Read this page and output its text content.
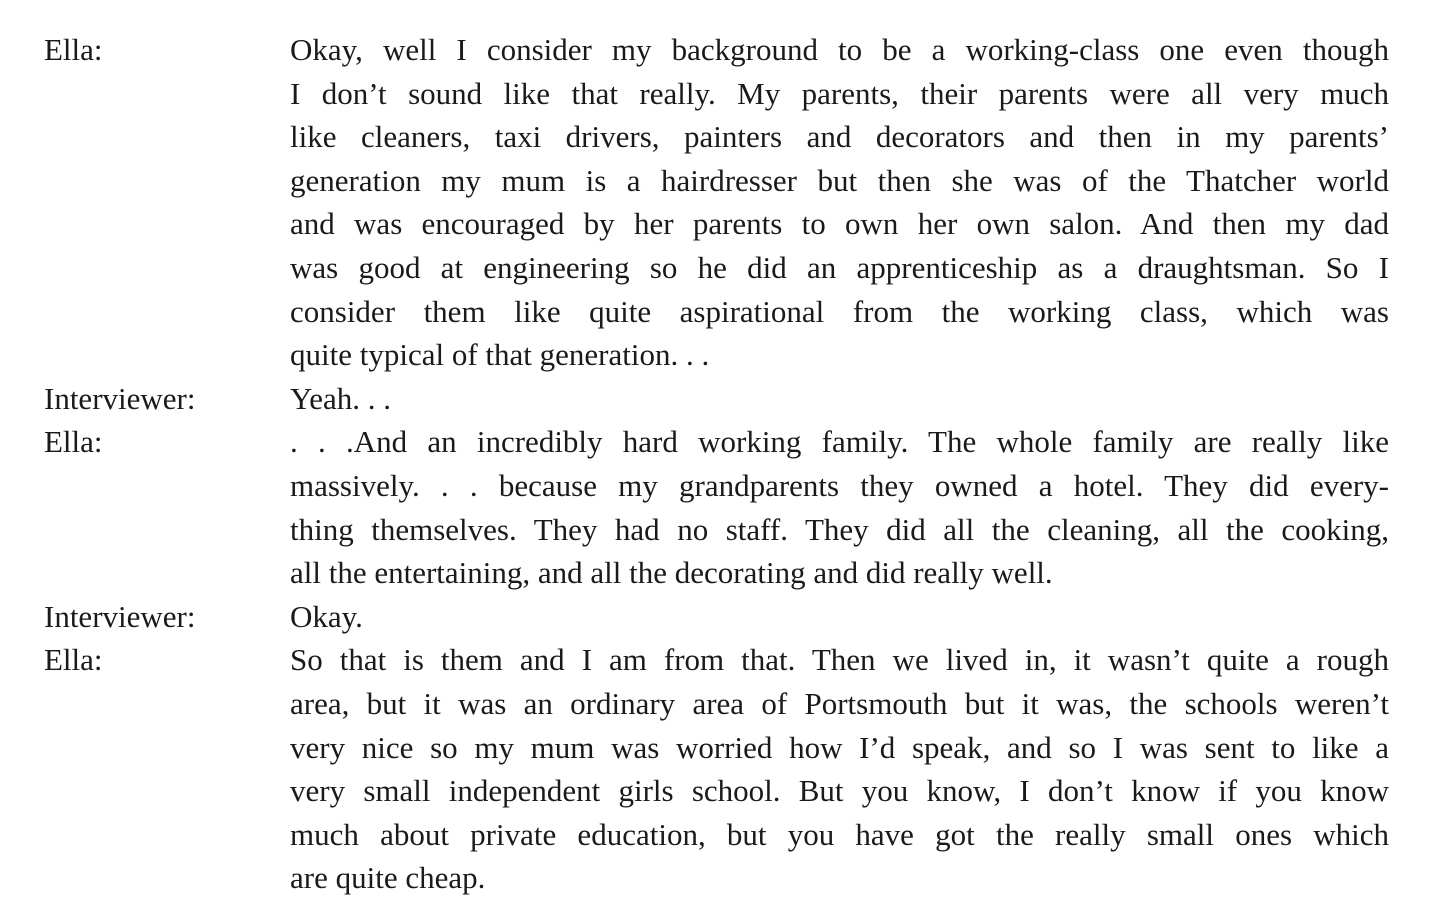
Ella:	Okay, well I consider my background to be a working-class one even though
I don’t sound like that really. My parents, their parents were all very much
like cleaners, taxi drivers, painters and decorators and then in my parents’
generation my mum is a hairdresser but then she was of the Thatcher world
and was encouraged by her parents to own her own salon. And then my dad
was good at engineering so he did an apprenticeship as a draughtsman. So I
consider them like quite aspirational from the working class, which was
quite typical of that generation. . .
Interviewer:	Yeah. . .
Ella:	. . .And an incredibly hard working family. The whole family are really like
massively. . . because my grandparents they owned a hotel. They did every-
thing themselves. They had no staff. They did all the cleaning, all the cooking,
all the entertaining, and all the decorating and did really well.
Interviewer:	Okay.
Ella:	So that is them and I am from that. Then we lived in, it wasn’t quite a rough
area, but it was an ordinary area of Portsmouth but it was, the schools weren’t
very nice so my mum was worried how I’d speak, and so I was sent to like a
very small independent girls school. But you know, I don’t know if you know
much about private education, but you have got the really small ones which
are quite cheap.
